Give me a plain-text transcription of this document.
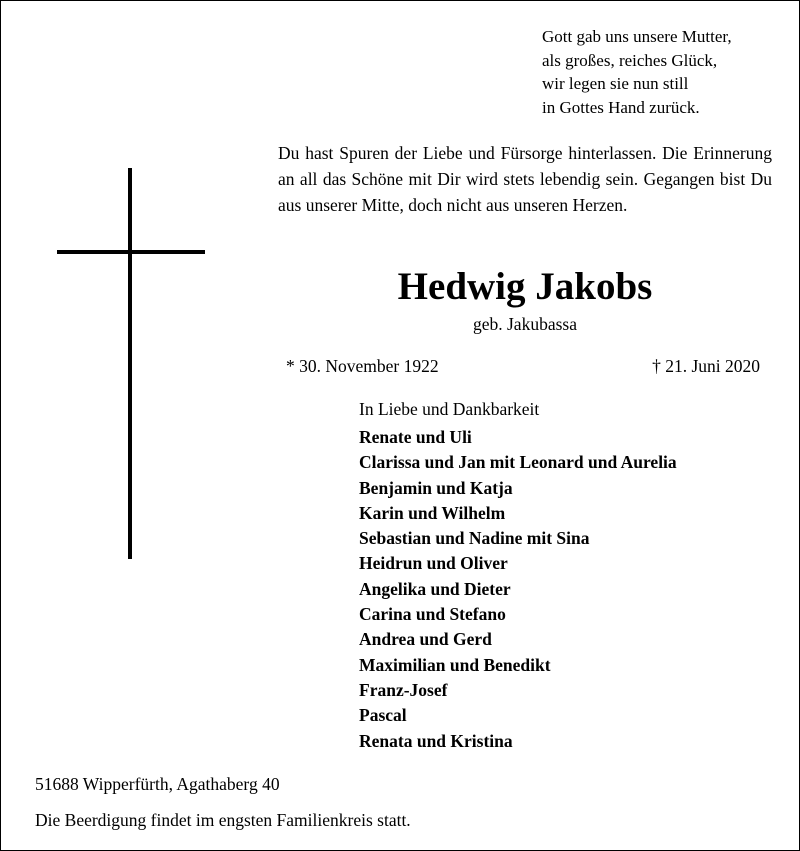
Gott gab uns unsere Mutter,
als großes, reiches Glück,
wir legen sie nun still
in Gottes Hand zurück.
Du hast Spuren der Liebe und Fürsorge hinterlassen. Die Erinnerung an all das Schöne mit Dir wird stets lebendig sein. Gegangen bist Du aus unserer Mitte, doch nicht aus unseren Herzen.
Hedwig Jakobs
geb. Jakubassa
* 30. November 1922	† 21. Juni 2020
In Liebe und Dankbarkeit
Renate und Uli
Clarissa und Jan mit Leonard und Aurelia
Benjamin und Katja
Karin und Wilhelm
Sebastian und Nadine mit Sina
Heidrun und Oliver
Angelika und Dieter
Carina und Stefano
Andrea und Gerd
Maximilian und Benedikt
Franz-Josef
Pascal
Renata und Kristina
51688 Wipperfürth, Agathaberg 40
Die Beerdigung findet im engsten Familienkreis statt.
